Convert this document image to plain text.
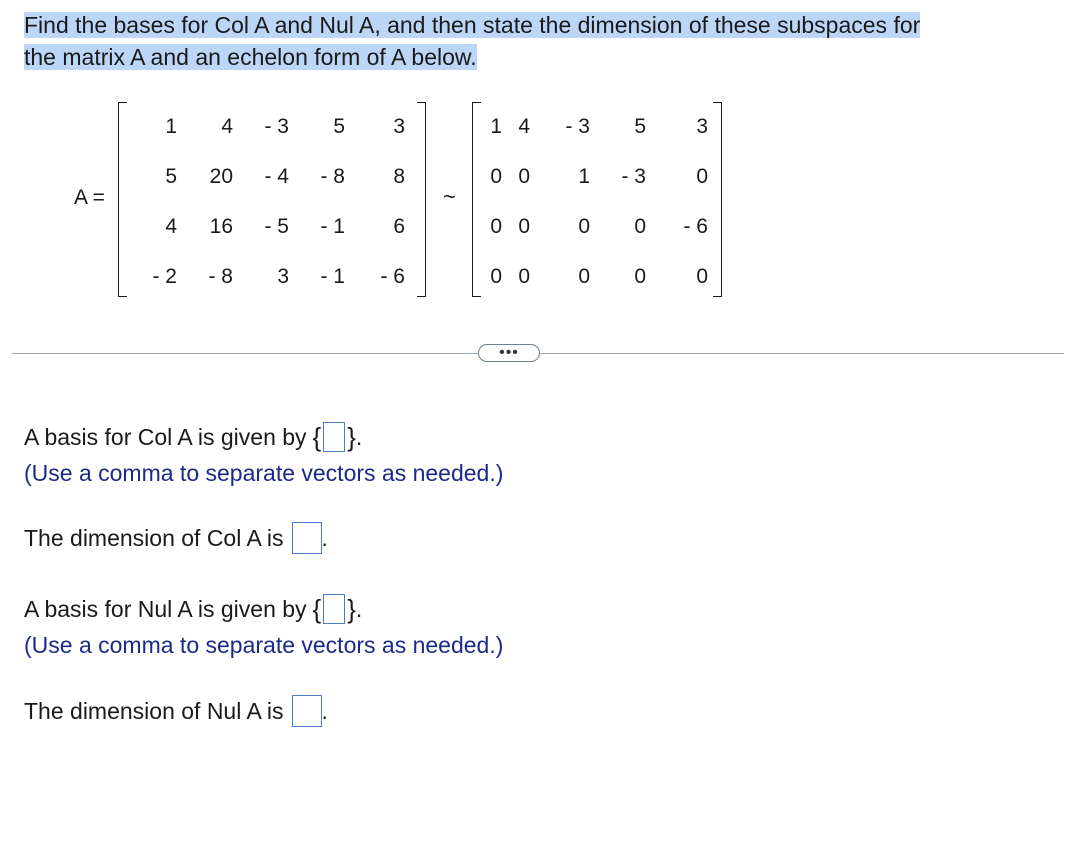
Find the bases for Col A and Nul A, and then state the dimension of these subspaces for
the matrix A and an echelon form of A below.
A =
1	4	- 3	5	3
5	20	- 4	- 8	8
4	16	- 5	- 1	6
- 2	- 8	3	- 1	- 6
~
1 4	- 3	5	3
0 0	1	- 3	0
0 0	0	0	- 6
0 0	0	0	0
•••
A basis for Col A is given by { } .
(Use a comma to separate vectors as needed.)
The dimension of Col A is .
A basis for Nul A is given by { } .
(Use a comma to separate vectors as needed.)
The dimension of Nul A is .
